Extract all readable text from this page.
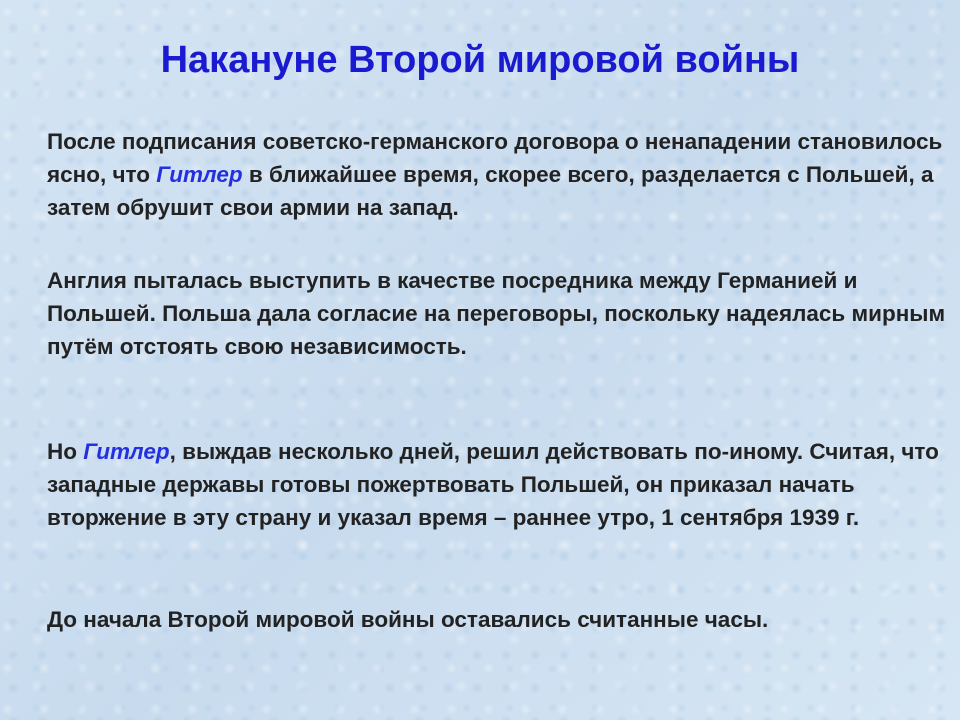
Накануне Второй мировой войны

После подписания советско-германского договора о ненападении становилось ясно, что Гитлер в ближайшее время, скорее всего, разделается с Польшей, а затем обрушит свои армии на запад.

Англия пыталась выступить в качестве посредника между Германией и Польшей. Польша дала согласие на переговоры, поскольку надеялась мирным путём отстоять свою независимость.

Но Гитлер, выждав несколько дней, решил действовать по-иному. Считая, что западные державы готовы пожертвовать Польшей, он приказал начать вторжение в эту страну и указал время – раннее утро, 1 сентября 1939 г.

До начала Второй мировой войны оставались считанные часы.
